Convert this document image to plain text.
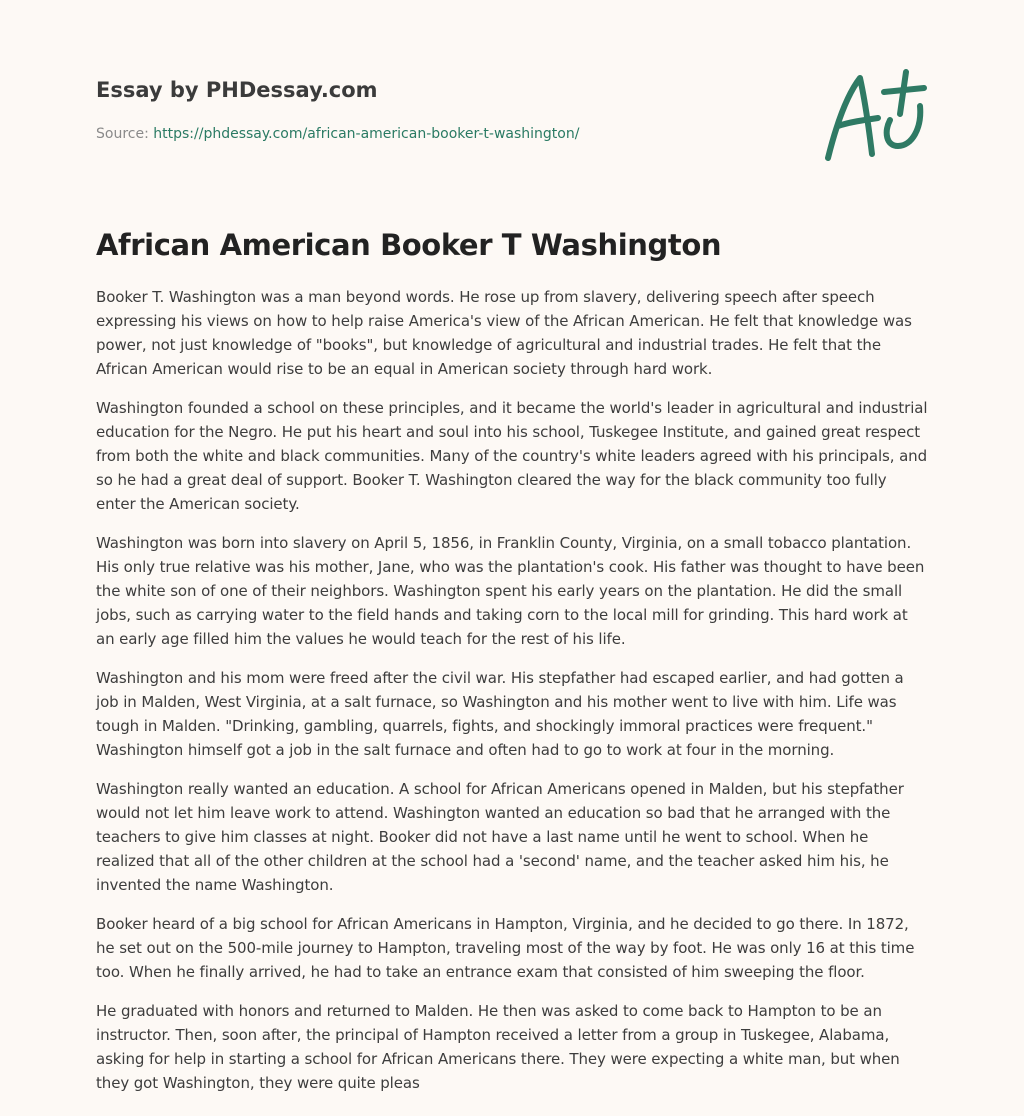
Essay by PHDessay.com

Source: https://phdessay.com/african-american-booker-t-washington/
African American Booker T Washington

Booker T. Washington was a man beyond words. He rose up from slavery, delivering speech after speech expressing his views on how to help raise America's view of the African American. He felt that knowledge was power, not just knowledge of "books", but knowledge of agricultural and industrial trades. He felt that the African American would rise to be an equal in American society through hard work.

Washington founded a school on these principles, and it became the world's leader in agricultural and industrial education for the Negro. He put his heart and soul into his school, Tuskegee Institute, and gained great respect from both the white and black communities. Many of the country's white leaders agreed with his principals, and so he had a great deal of support. Booker T. Washington cleared the way for the black community too fully enter the American society.

Washington was born into slavery on April 5, 1856, in Franklin County, Virginia, on a small tobacco plantation. His only true relative was his mother, Jane, who was the plantation's cook. His father was thought to have been the white son of one of their neighbors. Washington spent his early years on the plantation. He did the small jobs, such as carrying water to the field hands and taking corn to the local mill for grinding. This hard work at an early age filled him the values he would teach for the rest of his life.

Washington and his mom were freed after the civil war. His stepfather had escaped earlier, and had gotten a job in Malden, West Virginia, at a salt furnace, so Washington and his mother went to live with him. Life was tough in Malden. "Drinking, gambling, quarrels, fights, and shockingly immoral practices were frequent." Washington himself got a job in the salt furnace and often had to go to work at four in the morning.

Washington really wanted an education. A school for African Americans opened in Malden, but his stepfather would not let him leave work to attend. Washington wanted an education so bad that he arranged with the teachers to give him classes at night. Booker did not have a last name until he went to school. When he realized that all of the other children at the school had a 'second' name, and the teacher asked him his, he invented the name Washington.

Booker heard of a big school for African Americans in Hampton, Virginia, and he decided to go there. In 1872, he set out on the 500-mile journey to Hampton, traveling most of the way by foot. He was only 16 at this time too. When he finally arrived, he had to take an entrance exam that consisted of him sweeping the floor.

He graduated with honors and returned to Malden. He then was asked to come back to Hampton to be an instructor. Then, soon after, the principal of Hampton received a letter from a group in Tuskegee, Alabama, asking for help in starting a school for African Americans there. They were expecting a white man, but when they got Washington, they were quite pleas
